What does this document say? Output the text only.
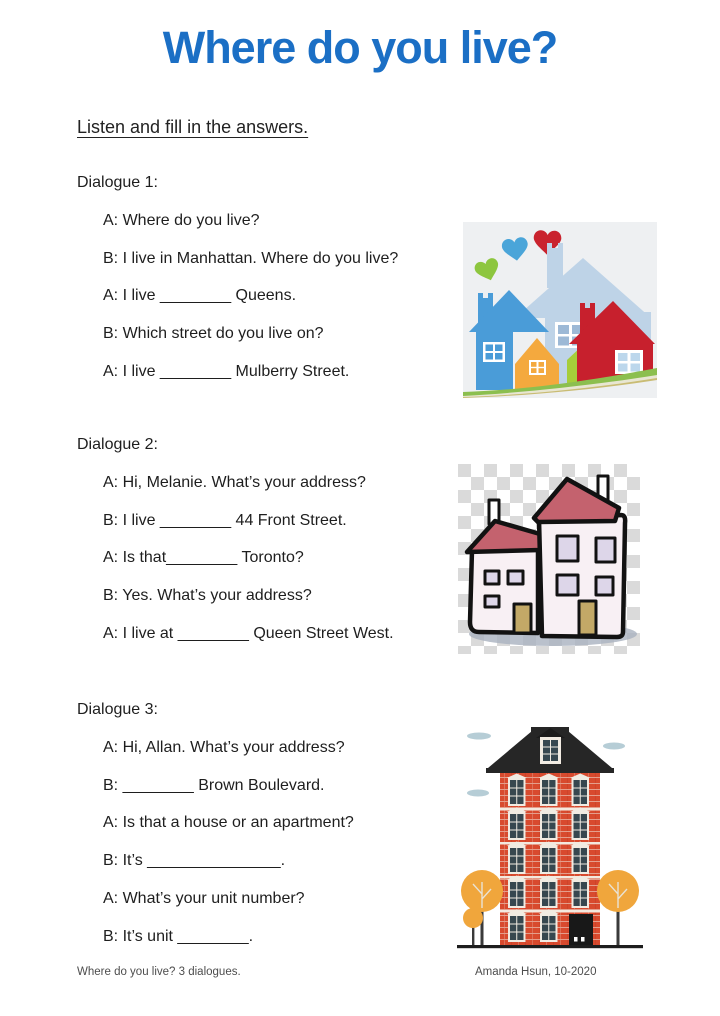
Where do you live?
Listen and fill in the answers.
Dialogue 1:
A: Where do you live?
B: I live in Manhattan. Where do you live?
A: I live ________ Queens.
B: Which street do you live on?
A: I live ________ Mulberry Street.
Dialogue 2:
A: Hi, Melanie. What’s your address?
B: I live ________ 44 Front Street.
A: Is that________ Toronto?
B: Yes. What’s your address?
A: I live at ________ Queen Street West.
Dialogue 3:
A: Hi, Allan. What’s your address?
B: ________ Brown Boulevard.
A: Is that a house or an apartment?
B: It’s _______________.
A: What’s your unit number?
B: It’s unit ________.
Where do you live? 3 dialogues.	Amanda Hsun, 10-2020
